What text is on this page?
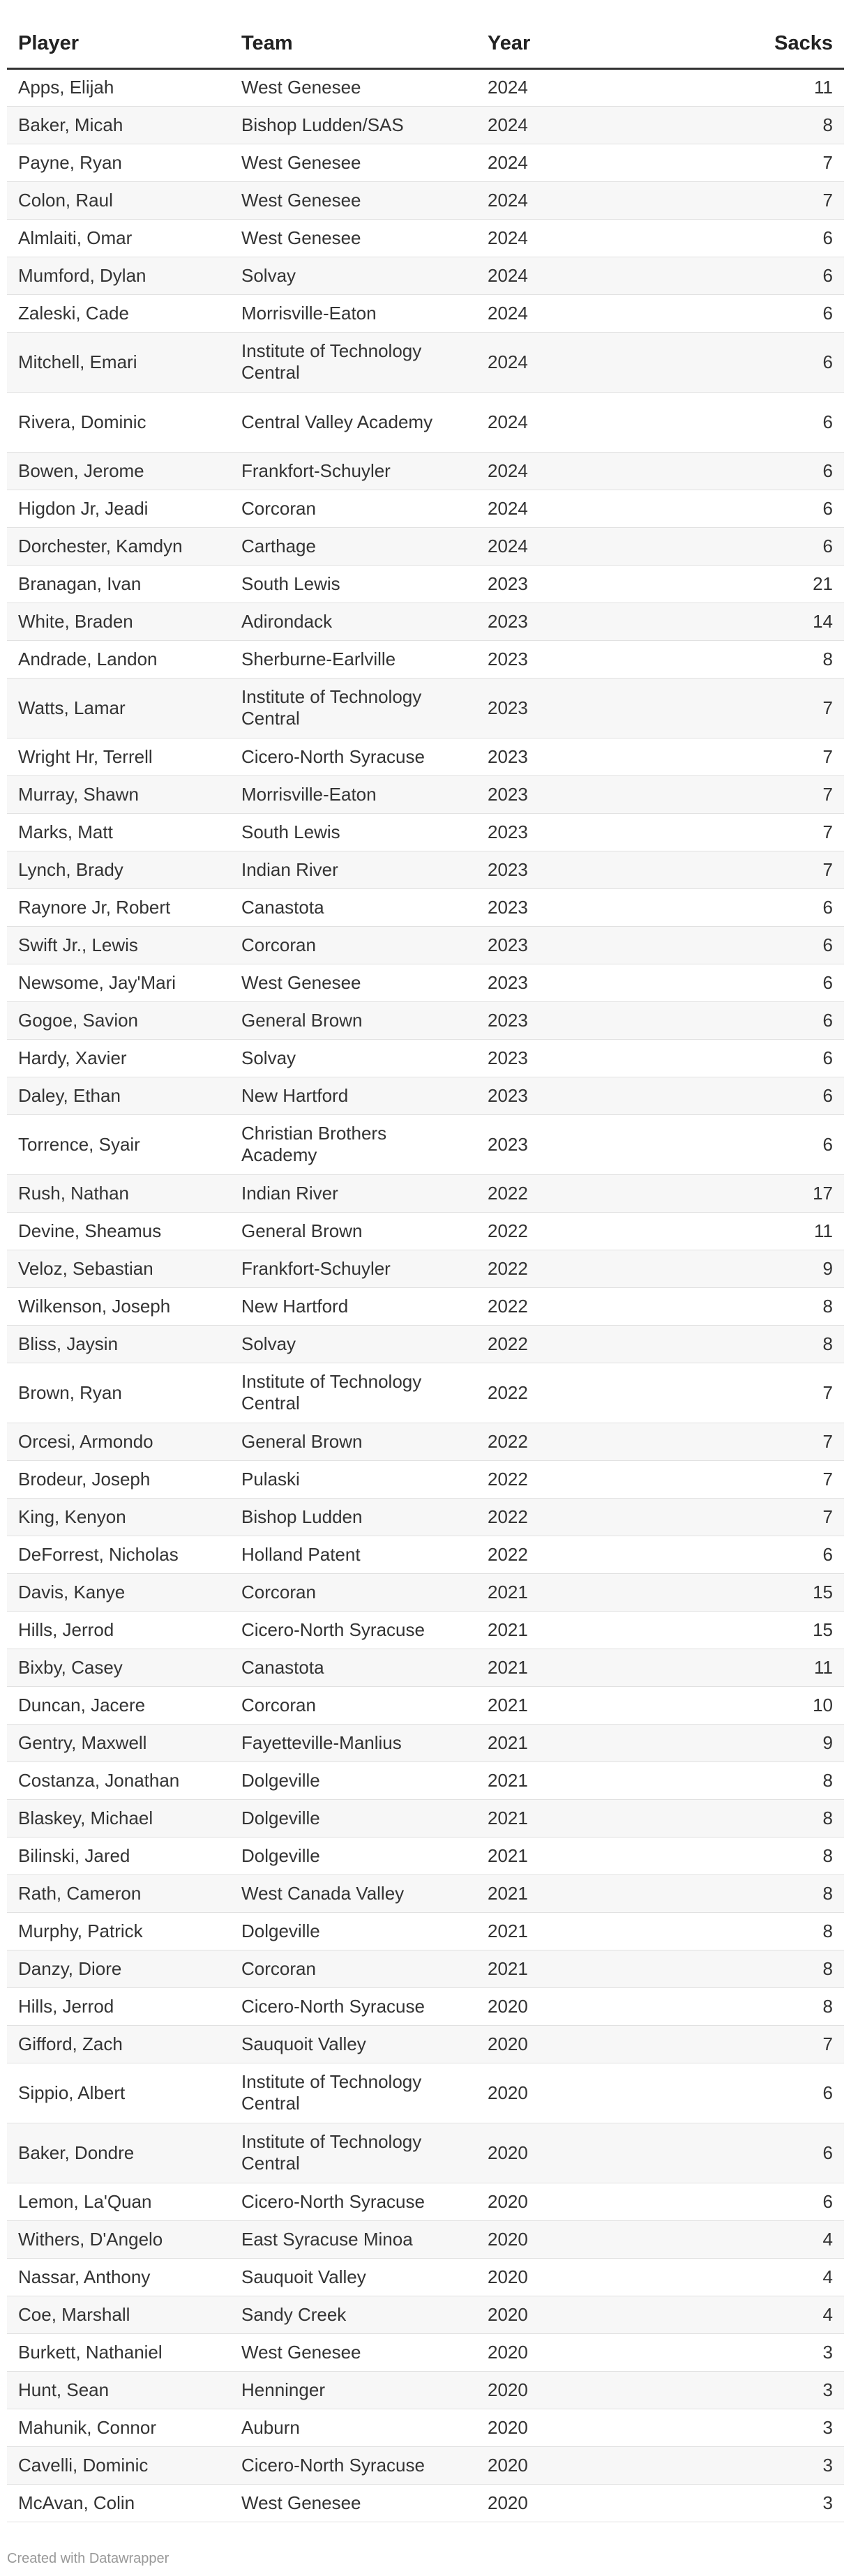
Player	Team	Year	Sacks
Apps, Elijah	West Genesee	2024	11
Baker, Micah	Bishop Ludden/SAS	2024	8
Payne, Ryan	West Genesee	2024	7
Colon, Raul	West Genesee	2024	7
Almlaiti, Omar	West Genesee	2024	6
Mumford, Dylan	Solvay	2024	6
Zaleski, Cade	Morrisville-Eaton	2024	6
Mitchell, Emari	Institute of Technology Central	2024	6
Rivera, Dominic	Central Valley Academy	2024	6
Bowen, Jerome	Frankfort-Schuyler	2024	6
Higdon Jr, Jeadi	Corcoran	2024	6
Dorchester, Kamdyn	Carthage	2024	6
Branagan, Ivan	South Lewis	2023	21
White, Braden	Adirondack	2023	14
Andrade, Landon	Sherburne-Earlville	2023	8
Watts, Lamar	Institute of Technology Central	2023	7
Wright Hr, Terrell	Cicero-North Syracuse	2023	7
Murray, Shawn	Morrisville-Eaton	2023	7
Marks, Matt	South Lewis	2023	7
Lynch, Brady	Indian River	2023	7
Raynore Jr, Robert	Canastota	2023	6
Swift Jr., Lewis	Corcoran	2023	6
Newsome, Jay'Mari	West Genesee	2023	6
Gogoe, Savion	General Brown	2023	6
Hardy, Xavier	Solvay	2023	6
Daley, Ethan	New Hartford	2023	6
Torrence, Syair	Christian Brothers Academy	2023	6
Rush, Nathan	Indian River	2022	17
Devine, Sheamus	General Brown	2022	11
Veloz, Sebastian	Frankfort-Schuyler	2022	9
Wilkenson, Joseph	New Hartford	2022	8
Bliss, Jaysin	Solvay	2022	8
Brown, Ryan	Institute of Technology Central	2022	7
Orcesi, Armondo	General Brown	2022	7
Brodeur, Joseph	Pulaski	2022	7
King, Kenyon	Bishop Ludden	2022	7
DeForrest, Nicholas	Holland Patent	2022	6
Davis, Kanye	Corcoran	2021	15
Hills, Jerrod	Cicero-North Syracuse	2021	15
Bixby, Casey	Canastota	2021	11
Duncan, Jacere	Corcoran	2021	10
Gentry, Maxwell	Fayetteville-Manlius	2021	9
Costanza, Jonathan	Dolgeville	2021	8
Blaskey, Michael	Dolgeville	2021	8
Bilinski, Jared	Dolgeville	2021	8
Rath, Cameron	West Canada Valley	2021	8
Murphy, Patrick	Dolgeville	2021	8
Danzy, Diore	Corcoran	2021	8
Hills, Jerrod	Cicero-North Syracuse	2020	8
Gifford, Zach	Sauquoit Valley	2020	7
Sippio, Albert	Institute of Technology Central	2020	6
Baker, Dondre	Institute of Technology Central	2020	6
Lemon, La'Quan	Cicero-North Syracuse	2020	6
Withers, D'Angelo	East Syracuse Minoa	2020	4
Nassar, Anthony	Sauquoit Valley	2020	4
Coe, Marshall	Sandy Creek	2020	4
Burkett, Nathaniel	West Genesee	2020	3
Hunt, Sean	Henninger	2020	3
Mahunik, Connor	Auburn	2020	3
Cavelli, Dominic	Cicero-North Syracuse	2020	3
McAvan, Colin	West Genesee	2020	3
Created with Datawrapper
